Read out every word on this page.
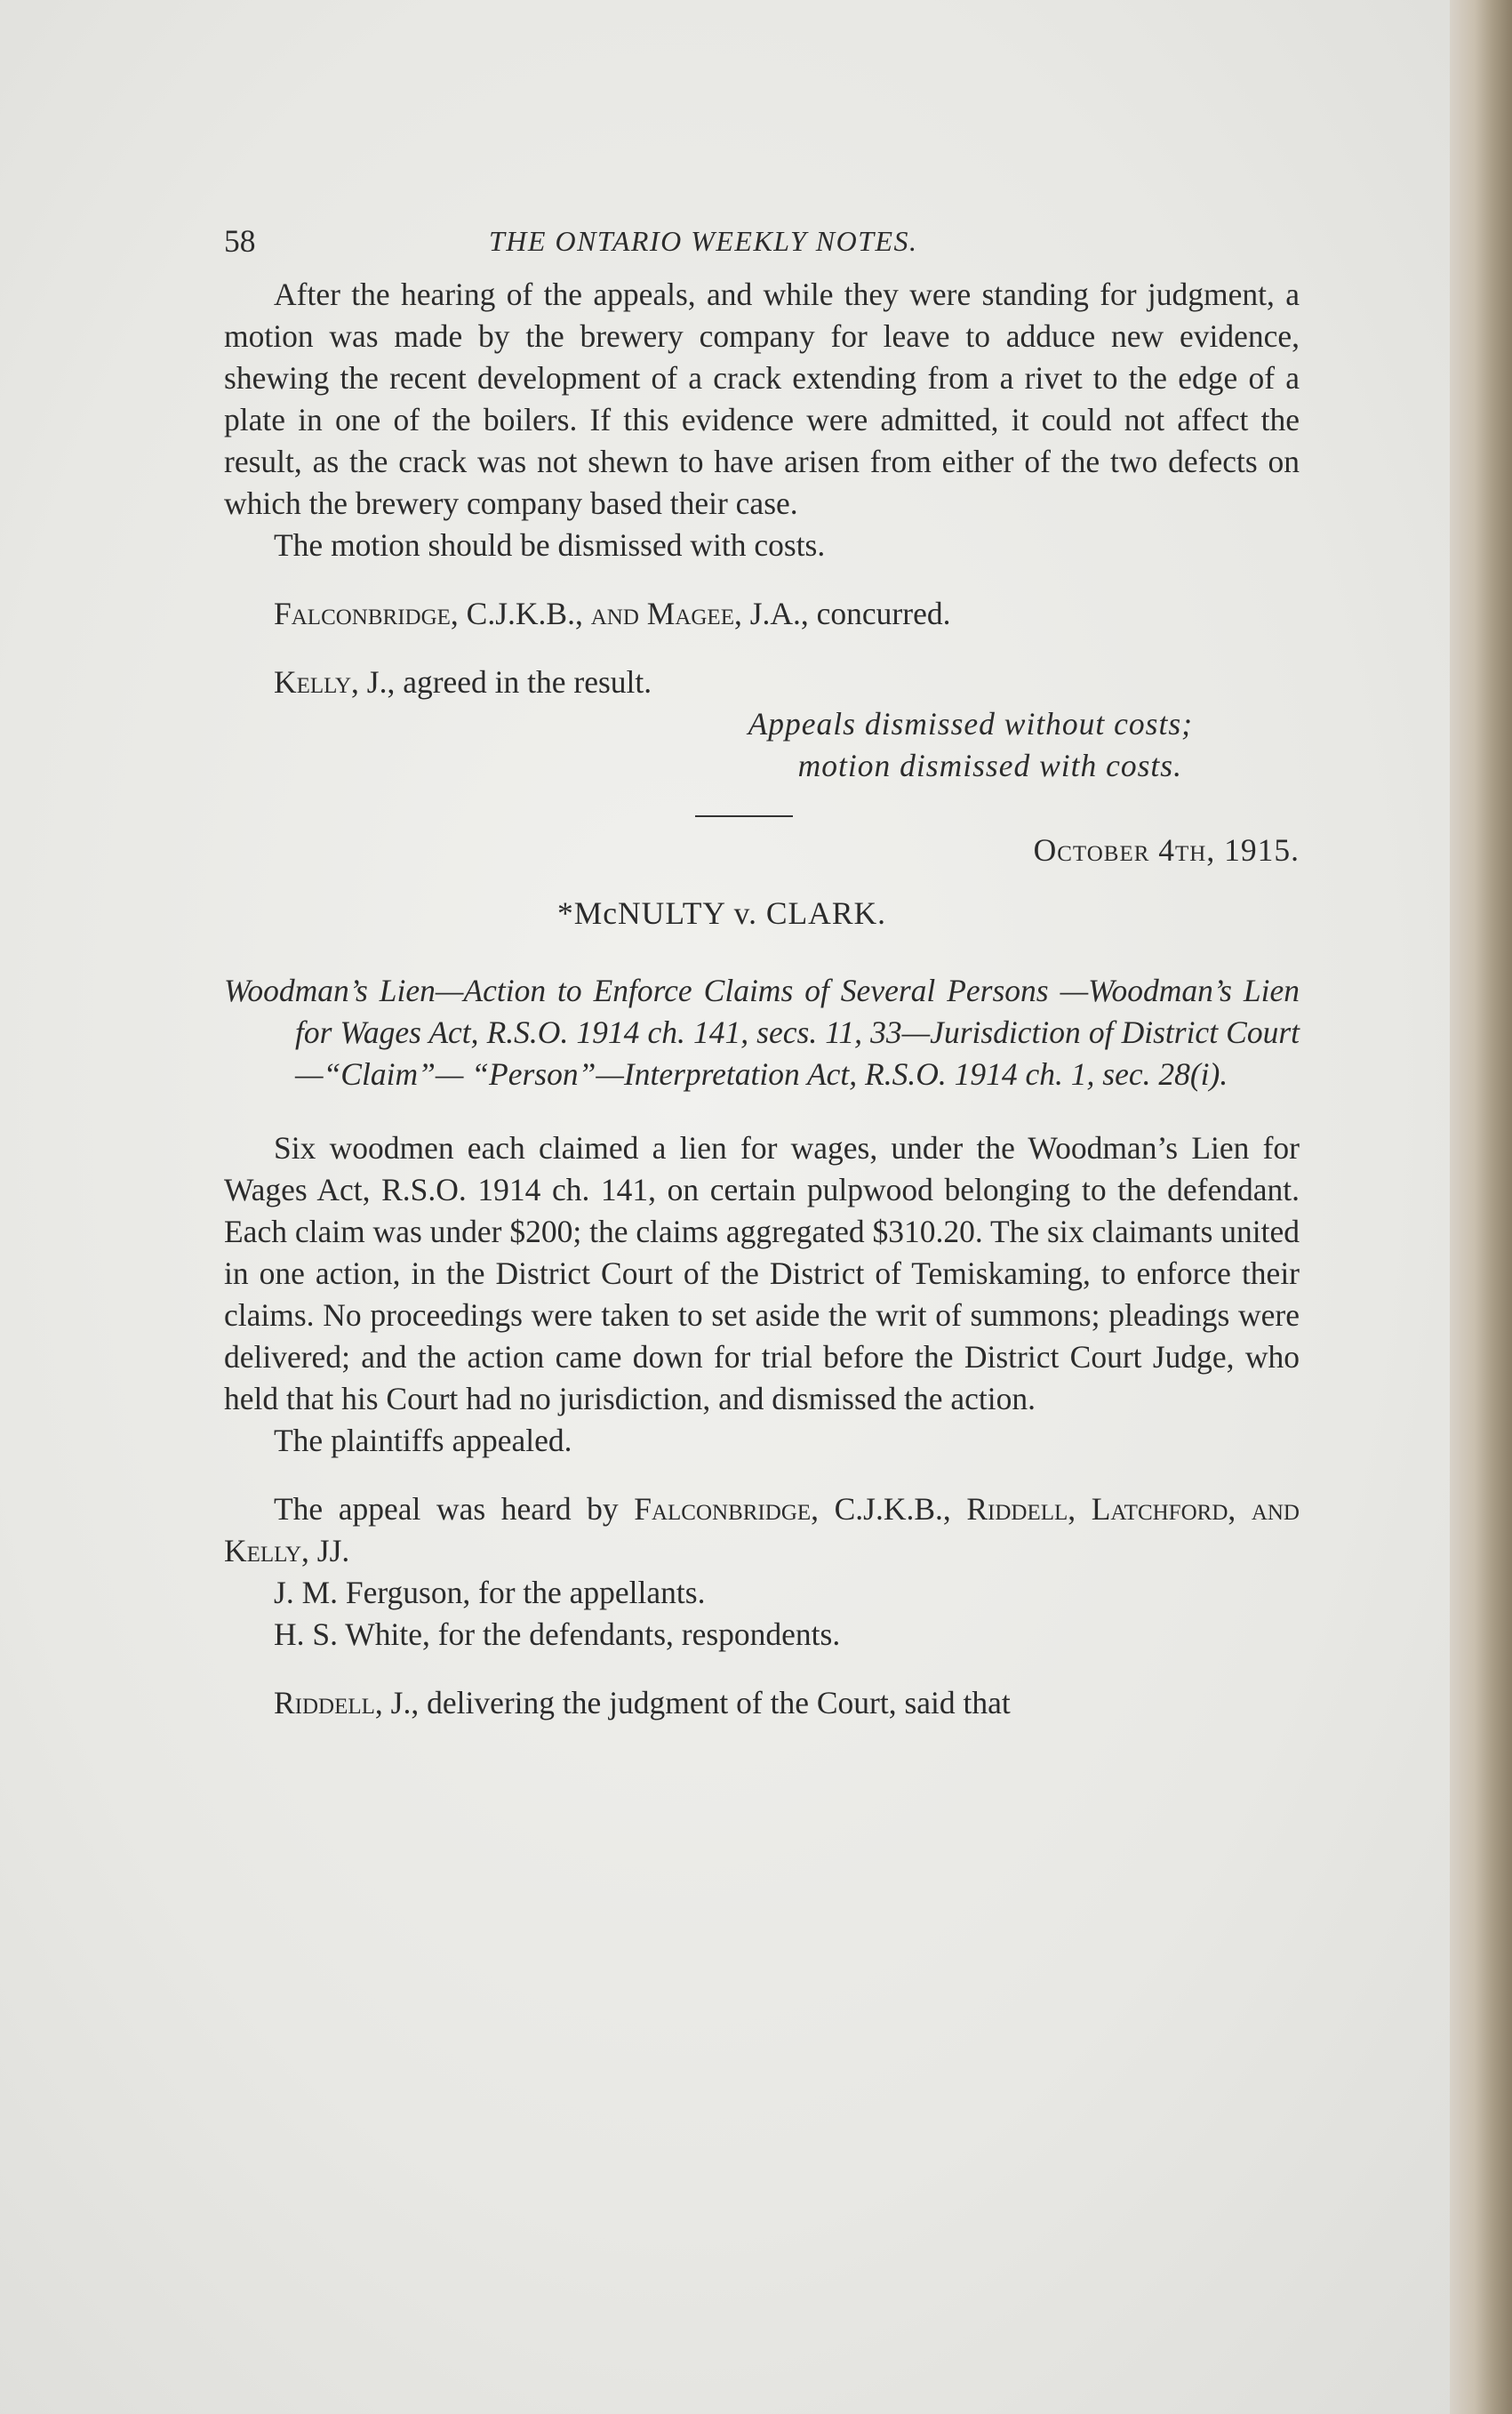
58	THE ONTARIO WEEKLY NOTES.

After the hearing of the appeals, and while they were standing for judgment, a motion was made by the brewery company for leave to adduce new evidence, shewing the recent development of a crack extending from a rivet to the edge of a plate in one of the boilers. If this evidence were admitted, it could not affect the result, as the crack was not shewn to have arisen from either of the two defects on which the brewery company based their case.

The motion should be dismissed with costs.

Falconbridge, C.J.K.B., and Magee, J.A., concurred.

Kelly, J., agreed in the result.

Appeals dismissed without costs;
motion dismissed with costs.
October 4th, 1915.
*McNULTY v. CLARK.

Woodman’s Lien—Action to Enforce Claims of Several Persons —Woodman’s Lien for Wages Act, R.S.O. 1914 ch. 141, secs. 11, 33—Jurisdiction of District Court—“Claim”— “Person”—Interpretation Act, R.S.O. 1914 ch. 1, sec. 28(i).

Six woodmen each claimed a lien for wages, under the Woodman’s Lien for Wages Act, R.S.O. 1914 ch. 141, on certain pulpwood belonging to the defendant. Each claim was under $200; the claims aggregated $310.20. The six claimants united in one action, in the District Court of the District of Temiskaming, to enforce their claims. No proceedings were taken to set aside the writ of summons; pleadings were delivered; and the action came down for trial before the District Court Judge, who held that his Court had no jurisdiction, and dismissed the action.

The plaintiffs appealed.

The appeal was heard by Falconbridge, C.J.K.B., Riddell, Latchford, and Kelly, JJ.

J. M. Ferguson, for the appellants.

H. S. White, for the defendants, respondents.

Riddell, J., delivering the judgment of the Court, said that
